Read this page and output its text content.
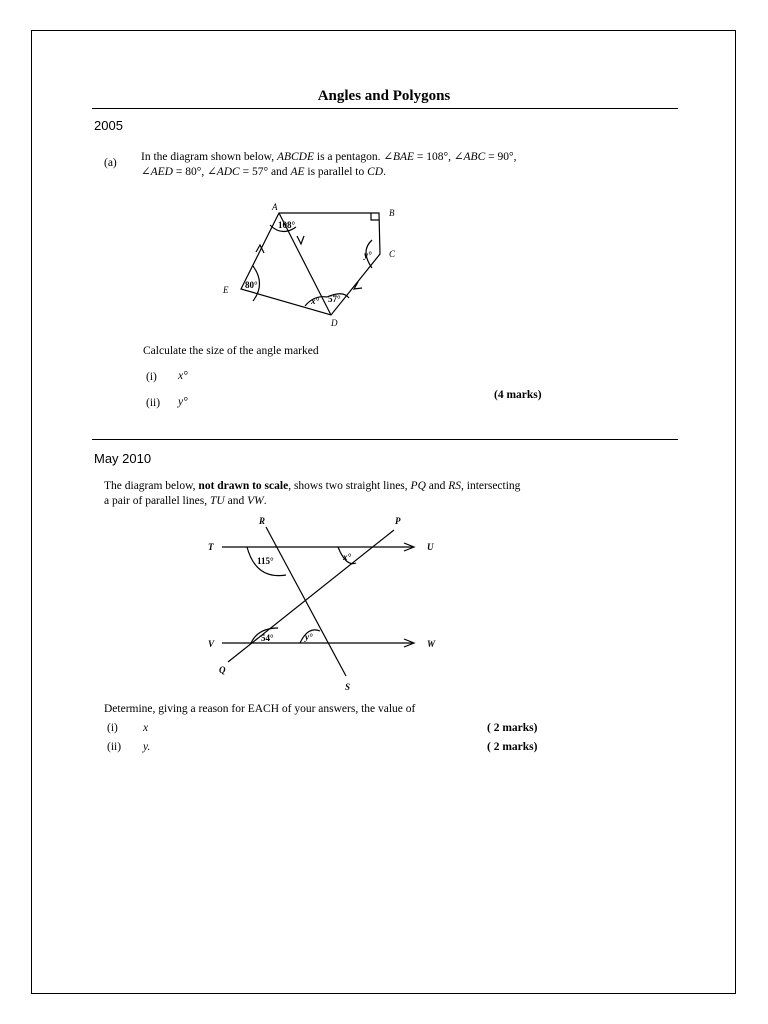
Angles and Polygons
2005
(a) In the diagram shown below, ABCDE is a pentagon. ∠BAE = 108°, ∠ABC = 90°,
∠AED = 80°, ∠ADC = 57° and AE is parallel to CD.
A
B
C
D
E
108°
80°
57°
x°
y°
R	P
T	U
V	W
Q
S
115°	x°
54°	y°
Calculate the size of the angle marked
(i) x°
(ii) y°
(4 marks)
May 2010
The diagram below, not drawn to scale, shows two straight lines, PQ and RS, intersecting
a pair of parallel lines, TU and VW.
Determine, giving a reason for EACH of your answers, the value of
(i) x	( 2 marks)
(ii) y.	( 2 marks)
